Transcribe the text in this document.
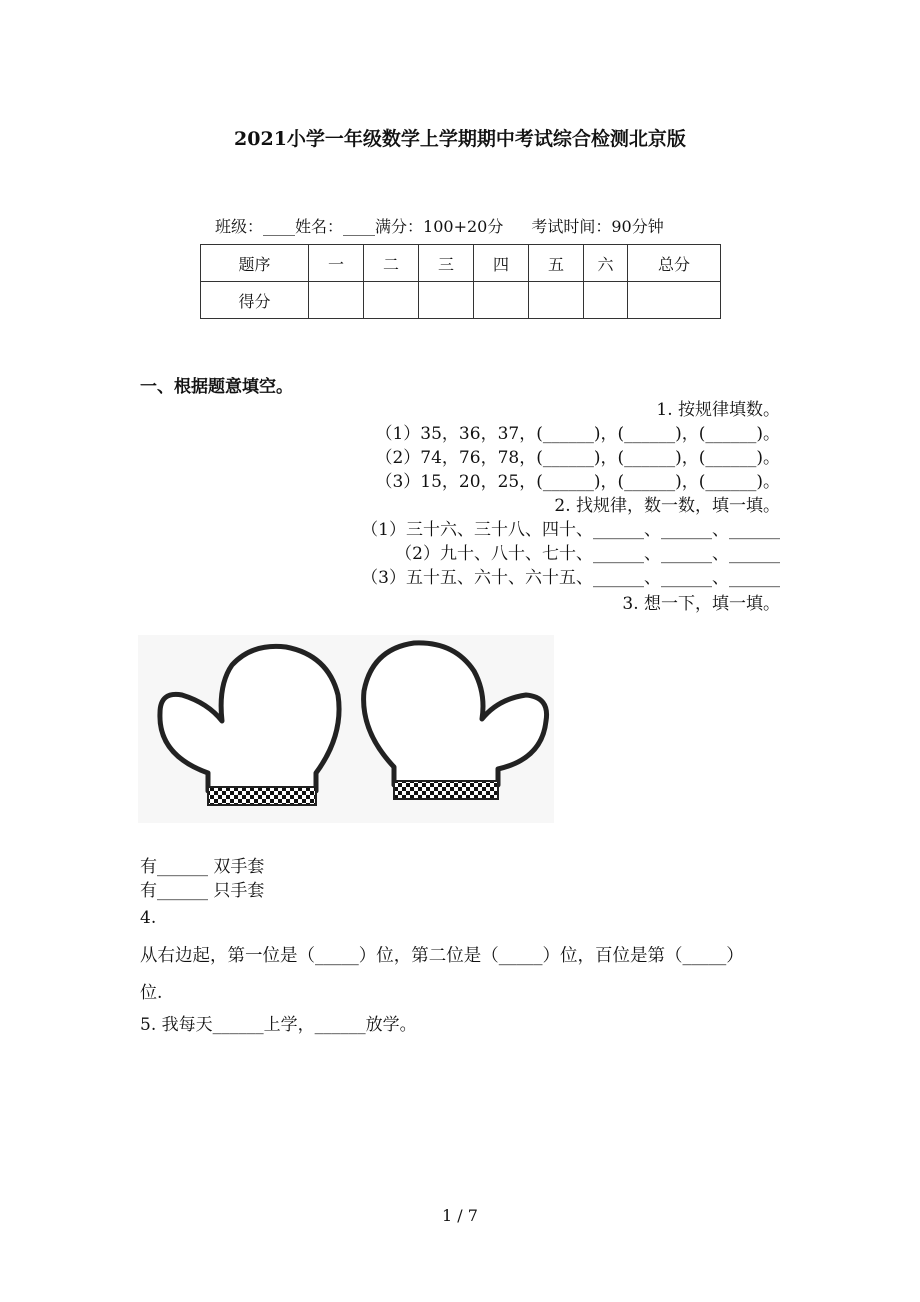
2021小学一年级数学上学期期中考试综合检测北京版
班级：____姓名：____满分：100+20分 考试时间：90分钟
题序	一	二	三	四	五	六	总分
得分							
一、根据题意填空。
1. 按规律填数。
（1）35，36，37，(______)，(______)，(______)。
（2）74，76，78，(______)，(______)，(______)。
（3）15，20，25，(______)，(______)，(______)。
2. 找规律，数一数，填一填。
（1）三十六、三十八、四十、______、______、______
（2）九十、八十、七十、______、______、______
（3）五十五、六十、六十五、______、______、______
3. 想一下，填一填。
有______ 双手套
有______ 只手套
4.
从右边起，第一位是（_____）位，第二位是（_____）位，百位是第（_____）
位.
5. 我每天______上学，______放学。
1 / 7
